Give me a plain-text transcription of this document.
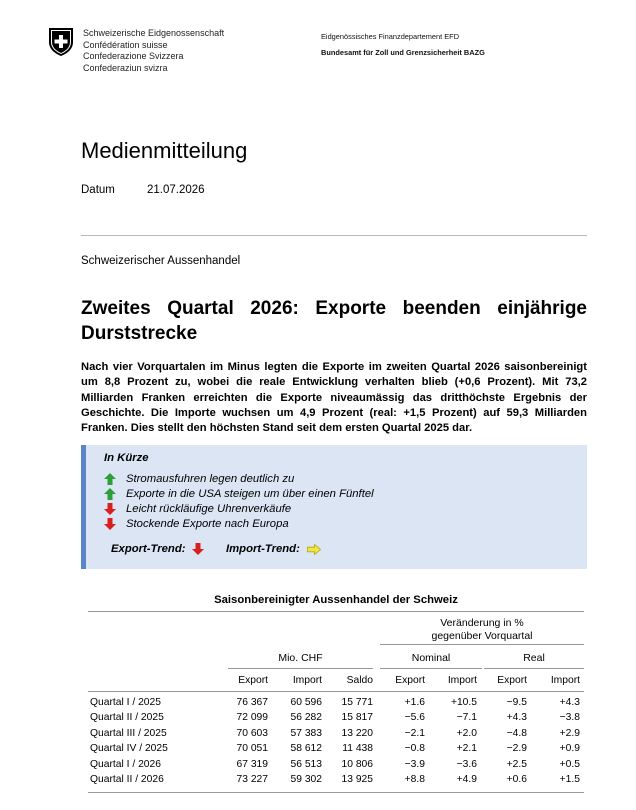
Schweizerische Eidgenossenschaft
Confédération suisse
Confederazione Svizzera
Confederaziun svizra
Eidgenössisches Finanzdepartement EFD
Bundesamt für Zoll und Grenzsicherheit BAZG
Medienmitteilung
Datum	21.07.2026
Schweizerischer Aussenhandel
Zweites Quartal 2026: Exporte beenden einjährige Durststrecke
Nach vier Vorquartalen im Minus legten die Exporte im zweiten Quartal 2026 saisonbereinigt um 8,8 Prozent zu, wobei die reale Entwicklung verhalten blieb (+0,6 Prozent). Mit 73,2 Milliarden Franken erreichten die Exporte niveaumässig das dritthöchste Ergebnis der Geschichte. Die Importe wuchsen um 4,9 Prozent (real: +1,5 Prozent) auf 59,3 Milliarden Franken. Dies stellt den höchsten Stand seit dem ersten Quartal 2025 dar.
In Kürze
Stromausfuhren legen deutlich zu
Exporte in die USA steigen um über einen Fünftel
Leicht rückläufige Uhrenverkäufe
Stockende Exporte nach Europa
Export-Trend:	Import-Trend:
Saisonbereinigter Aussenhandel der Schweiz
Veränderung in %
gegenüber Vorquartal
Mio. CHF	Nominal	Real
Export	Import	Saldo	Export	Import	Export	Import
Quartal I / 2025	76 367	60 596	15 771	+1.6	+10.5	−9.5	+4.3
Quartal II / 2025	72 099	56 282	15 817	−5.6	−7.1	+4.3	−3.8
Quartal III / 2025	70 603	57 383	13 220	−2.1	+2.0	−4.8	+2.9
Quartal IV / 2025	70 051	58 612	11 438	−0.8	+2.1	−2.9	+0.9
Quartal I / 2026	67 319	56 513	10 806	−3.9	−3.6	+2.5	+0.5
Quartal II / 2026	73 227	59 302	13 925	+8.8	+4.9	+0.6	+1.5
